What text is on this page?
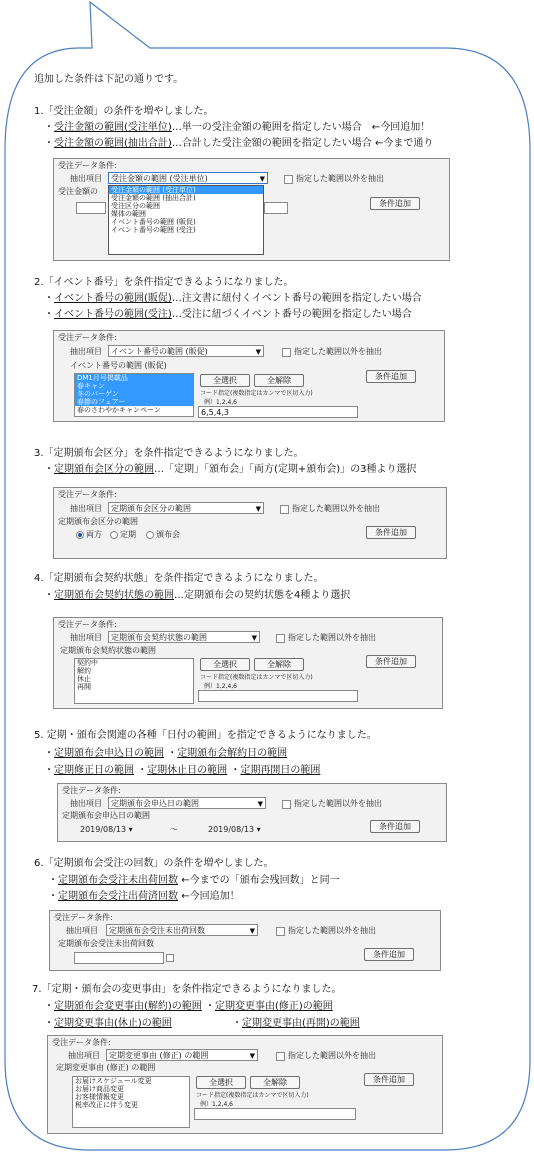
追加した条件は下記の通りです。
1.「受注金額」の条件を増やしました。
・受注金額の範囲(受注単位)…単一の受注金額の範囲を指定したい場合　←今回追加！
・受注金額の範囲(抽出合計)…合計した受注金額の範囲を指定したい場合 ←今まで通り
受注データ条件:
抽出項目	受注金額の範囲 (受注単位)	▼	指定した範囲以外を抽出
受注金額の
条件追加
受注金額の範囲 (受注単位)
受注金額の範囲 (抽出合計)
受注区分の範囲
媒体の範囲
イベント番号の範囲 (販促)
イベント番号の範囲 (受注)
2.「イベント番号」を条件指定できるようになりました。
・イベント番号の範囲(販促)…注文書に紐付くイベント番号の範囲を指定したい場合
・イベント番号の範囲(受注)…受注に紐づくイベント番号の範囲を指定したい場合
受注データ条件:
抽出項目	イベント番号の範囲 (販促)	▼	指定した範囲以外を抽出
イベント番号の範囲 (販促)
DM1月号掲載品
春キャン
冬のバーゲン
春節のフェアー
春のさわやかキャンペーン
全選択	全解除
コード指定(複数指定はカンマで区切入力)
例）1,2,4,6
6,5,4,3
条件追加
3.「定期頒布会区分」を条件指定できるようになりました。
・定期頒布会区分の範囲…「定期」「頒布会」「両方(定期+頒布会)」の3種より選択
受注データ条件:
抽出項目	定期頒布会区分の範囲	▼	指定した範囲以外を抽出
定期頒布会区分の範囲
両方 定期	頒布会	条件追加
4.「定期頒布会契約状態」を条件指定できるようになりました。
・定期頒布会契約状態の範囲…定期頒布会の契約状態を4種より選択
受注データ条件:
抽出項目	定期頒布会契約状態の範囲	▼	指定した範囲以外を抽出
定期頒布会契約状態の範囲
契約中
解約
休止
再開
全選択	全解除
コード指定(複数指定はカンマで区切入力)
例）1,2,4,6
条件追加
5. 定期・頒布会関連の各種「日付の範囲」を指定できるようになりました。
・定期頒布会申込日の範囲 ・定期頒布会解約日の範囲
・定期修正日の範囲 ・定期休止日の範囲 ・定期再開日の範囲
受注データ条件:
抽出項目	定期頒布会申込日の範囲	▼	指定した範囲以外を抽出
定期頒布会申込日の範囲
2019/08/13 ▾	～	2019/08/13 ▾	条件追加
6.「定期頒布会受注の回数」の条件を増やしました。
・定期頒布会受注未出荷回数 ←今までの「頒布会残回数」と同一
・定期頒布会受注出荷済回数 ←今回追加！
受注データ条件:
抽出項目	定期頒布会受注未出荷回数	▼	指定した範囲以外を抽出
定期頒布会受注未出荷回数
条件追加
7.「定期・頒布会の変更事由」を条件指定できるようになりました。
・定期頒布会変更事由(解約)の範囲 ・定期変更事由(修正)の範囲
・定期変更事由(休止)の範囲	・定期変更事由(再開)の範囲
受注データ条件:
抽出項目	定期変更事由 (修正) の範囲	▼	指定した範囲以外を抽出
定期変更事由 (修正) の範囲
お届けスケジュール変更
お届け商品変更
お客様情報変更
税率改正に伴う変更
全選択	全解除
コード指定(複数指定はカンマで区切入力)
例）1,2,4,6
条件追加
